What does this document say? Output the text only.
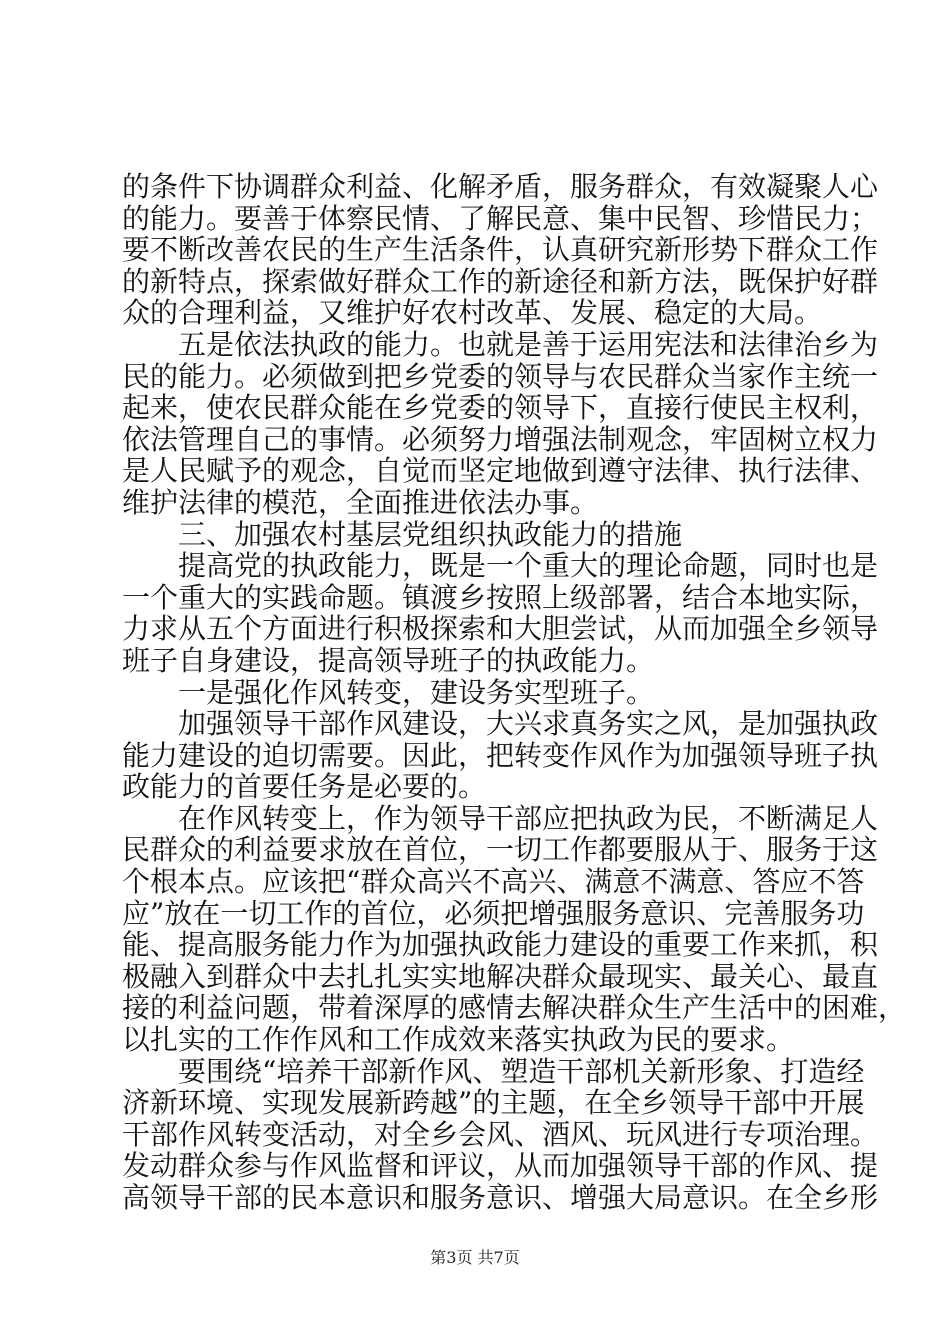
的条件下协调群众利益、化解矛盾，服务群众，有效凝聚人心
的能力。要善于体察民情、了解民意、集中民智、珍惜民力；
要不断改善农民的生产生活条件，认真研究新形势下群众工作
的新特点，探索做好群众工作的新途径和新方法，既保护好群
众的合理利益，又维护好农村改革、发展、稳定的大局。
五是依法执政的能力。也就是善于运用宪法和法律治乡为
民的能力。必须做到把乡党委的领导与农民群众当家作主统一
起来，使农民群众能在乡党委的领导下，直接行使民主权利，
依法管理自己的事情。必须努力增强法制观念，牢固树立权力
是人民赋予的观念，自觉而坚定地做到遵守法律、执行法律、
维护法律的模范，全面推进依法办事。
三、加强农村基层党组织执政能力的措施
提高党的执政能力，既是一个重大的理论命题，同时也是
一个重大的实践命题。镇渡乡按照上级部署，结合本地实际，
力求从五个方面进行积极探索和大胆尝试，从而加强全乡领导
班子自身建设，提高领导班子的执政能力。
一是强化作风转变，建设务实型班子。
加强领导干部作风建设，大兴求真务实之风，是加强执政
能力建设的迫切需要。因此，把转变作风作为加强领导班子执
政能力的首要任务是必要的。
在作风转变上，作为领导干部应把执政为民，不断满足人
民群众的利益要求放在首位，一切工作都要服从于、服务于这
个根本点。应该把“群众高兴不高兴、满意不满意、答应不答
应”放在一切工作的首位，必须把增强服务意识、完善服务功
能、提高服务能力作为加强执政能力建设的重要工作来抓，积
极融入到群众中去扎扎实实地解决群众最现实、最关心、最直
接的利益问题，带着深厚的感情去解决群众生产生活中的困难，
以扎实的工作作风和工作成效来落实执政为民的要求。
要围绕“培养干部新作风、塑造干部机关新形象、打造经
济新环境、实现发展新跨越”的主题，在全乡领导干部中开展
干部作风转变活动，对全乡会风、酒风、玩风进行专项治理。
发动群众参与作风监督和评议，从而加强领导干部的作风、提
高领导干部的民本意识和服务意识、增强大局意识。在全乡形
第3页 共7页
